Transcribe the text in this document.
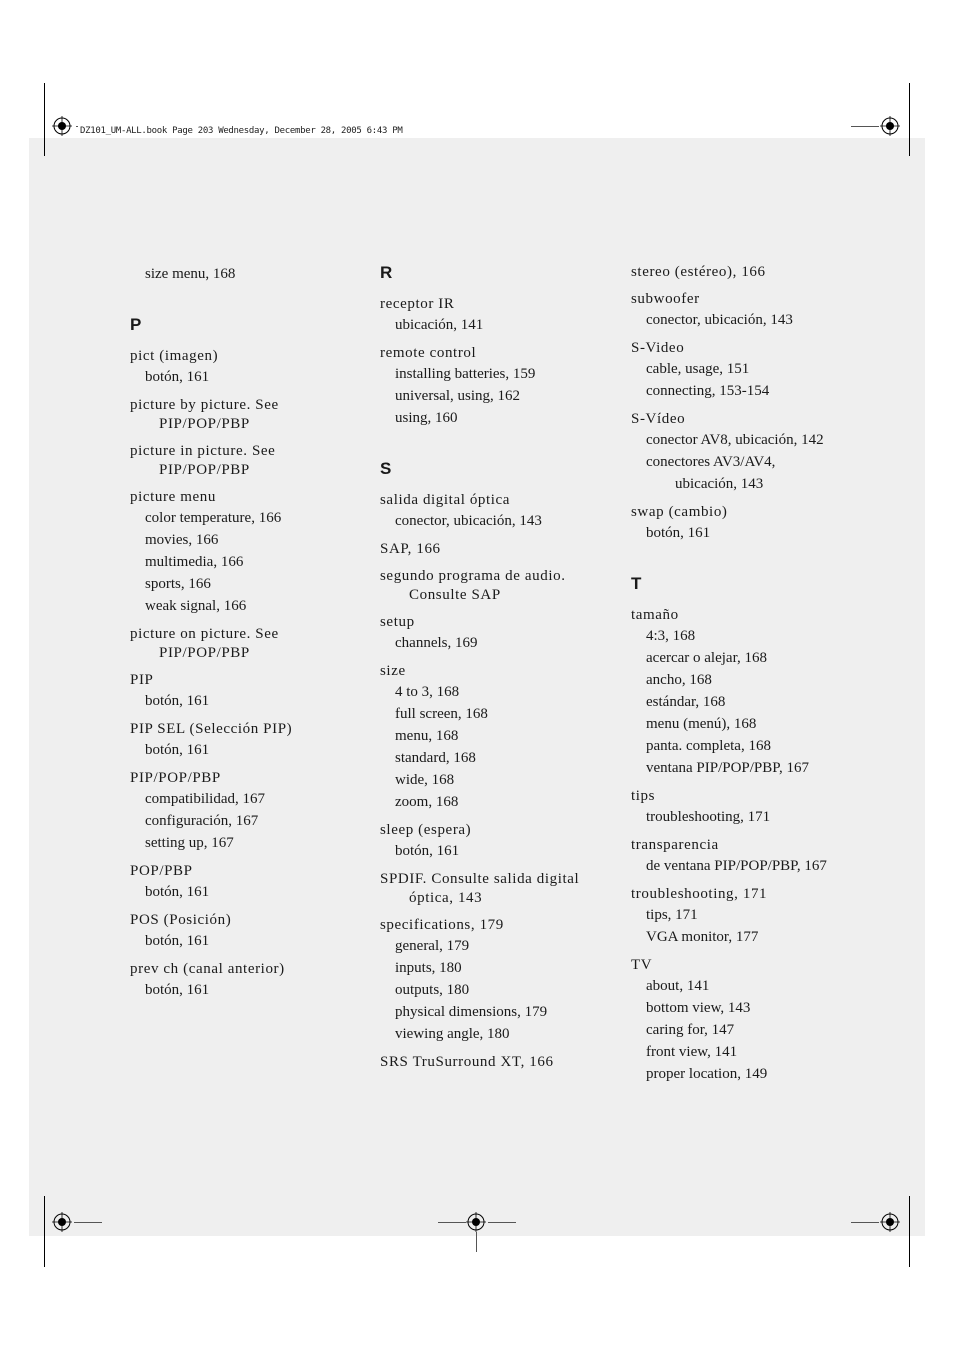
DZ101_UM-ALL.book Page 203 Wednesday, December 28, 2005 6:43 PM
size menu, 168
P
pict (imagen)
botón, 161
picture by picture. See
PIP/POP/PBP
picture in picture. See
PIP/POP/PBP
picture menu
color temperature, 166
movies, 166
multimedia, 166
sports, 166
weak signal, 166
picture on picture. See
PIP/POP/PBP
PIP
botón, 161
PIP SEL (Selección PIP)
botón, 161
PIP/POP/PBP
compatibilidad, 167
configuración, 167
setting up, 167
POP/PBP
botón, 161
POS (Posición)
botón, 161
prev ch (canal anterior)
botón, 161
R
receptor IR
ubicación, 141
remote control
installing batteries, 159
universal, using, 162
using, 160
S
salida digital óptica
conector, ubicación, 143
SAP, 166
segundo programa de audio.
Consulte SAP
setup
channels, 169
size
4 to 3, 168
full screen, 168
menu, 168
standard, 168
wide, 168
zoom, 168
sleep (espera)
botón, 161
SPDIF. Consulte salida digital
óptica, 143
specifications, 179
general, 179
inputs, 180
outputs, 180
physical dimensions, 179
viewing angle, 180
SRS TruSurround XT, 166
stereo (estéreo), 166
subwoofer
conector, ubicación, 143
S-Video
cable, usage, 151
connecting, 153-154
S-Vídeo
conector AV8, ubicación, 142
conectores AV3/AV4,
ubicación, 143
swap (cambio)
botón, 161
T
tamaño
4:3, 168
acercar o alejar, 168
ancho, 168
estándar, 168
menu (menú), 168
panta. completa, 168
ventana PIP/POP/PBP, 167
tips
troubleshooting, 171
transparencia
de ventana PIP/POP/PBP, 167
troubleshooting, 171
tips, 171
VGA monitor, 177
TV
about, 141
bottom view, 143
caring for, 147
front view, 141
proper location, 149
